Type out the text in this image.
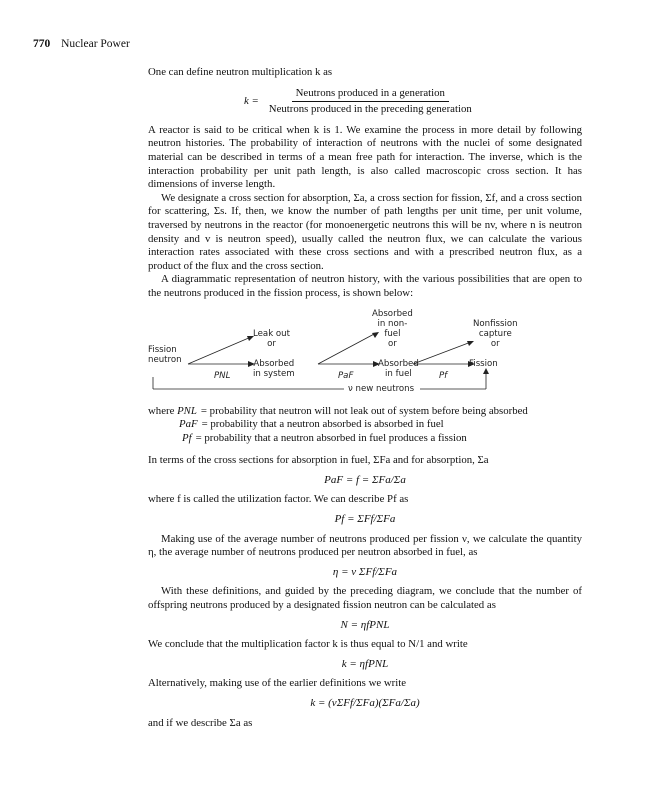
770 Nuclear Power

One can define neutron multiplication k as

$k = \frac{\text{Neutrons produced in a generation}}{\text{Neutrons produced in the preceding generation}}$

A reactor is said to be critical when k is 1. We examine the process in more detail by following neutron histories. The probability of interaction of neutrons with the nuclei of some designated material can be described in terms of a mean free path for interaction. The inverse, which is the interaction probability per unit path length, is also called macroscopic cross section. It has dimensions of inverse length.

We designate a cross section for absorption, Σa, a cross section for fission, Σf, and a cross section for scattering, Σs. If, then, we know the number of path lengths per unit time, per unit volume, traversed by neutrons in the reactor (for monoenergetic neutrons this will be nv, where n is neutron density and v is neutron speed), usually called the neutron flux, we can calculate the various interaction rates associated with these cross sections and with a prescribed neutron flux, as a product of the flux and the cross section.

A diagrammatic representation of neutron history, with the various possibilities that are open to the neutrons produced in the fission process, is shown below:

Fission
neutron
Leak out
or
Absorbed
in system
Absorbed
in non-
fuel
or
Absorbed
in fuel
Nonfission
capture
or
Fission
PNL	PaF	Pf
ν new neutrons
where PNL = probability that neutron will not leak out of system before being absorbed
PaF = probability that a neutron absorbed is absorbed in fuel
Pf = probability that a neutron absorbed in fuel produces a fission

In terms of the cross sections for absorption in fuel, ΣFa and for absorption, Σa

PaF = f = ΣFa/Σa

where f is called the utilization factor. We can describe Pf as

Pf = ΣFf/ΣFa

Making use of the average number of neutrons produced per fission ν, we calculate the quantity η, the average number of neutrons produced per neutron absorbed in fuel, as

η = ν ΣFf/ΣFa

With these definitions, and guided by the preceding diagram, we conclude that the number of offspring neutrons produced by a designated fission neutron can be calculated as

N = ηfPNL

We conclude that the multiplication factor k is thus equal to N/1 and write

k = ηfPNL

Alternatively, making use of the earlier definitions we write

k = (νΣFf/ΣFa)(ΣFa/Σa)

and if we describe Σa as
